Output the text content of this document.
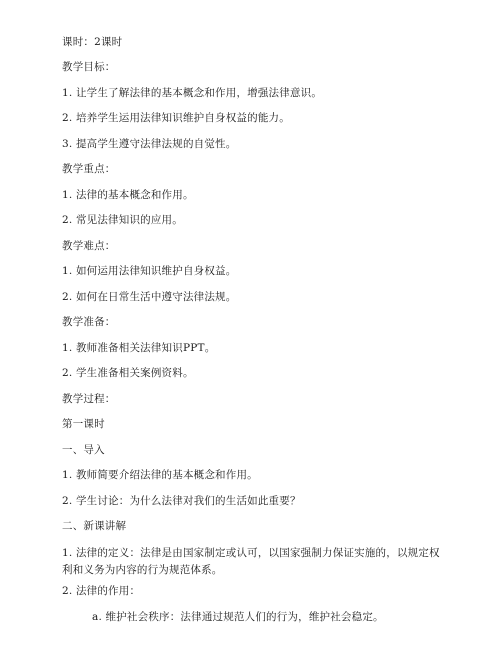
课时：2课时
教学目标：
1. 让学生了解法律的基本概念和作用，增强法律意识。
2. 培养学生运用法律知识维护自身权益的能力。
3. 提高学生遵守法律法规的自觉性。
教学重点：
1. 法律的基本概念和作用。
2. 常见法律知识的应用。
教学难点：
1. 如何运用法律知识维护自身权益。
2. 如何在日常生活中遵守法律法规。
教学准备：
1. 教师准备相关法律知识PPT。
2. 学生准备相关案例资料。
教学过程：
第一课时
一、导入
1. 教师简要介绍法律的基本概念和作用。
2. 学生讨论：为什么法律对我们的生活如此重要？
二、新课讲解
1. 法律的定义：法律是由国家制定或认可，以国家强制力保证实施的，以规定权利和义务为内容的行为规范体系。
2. 法律的作用：
a. 维护社会秩序：法律通过规范人们的行为，维护社会稳定。
